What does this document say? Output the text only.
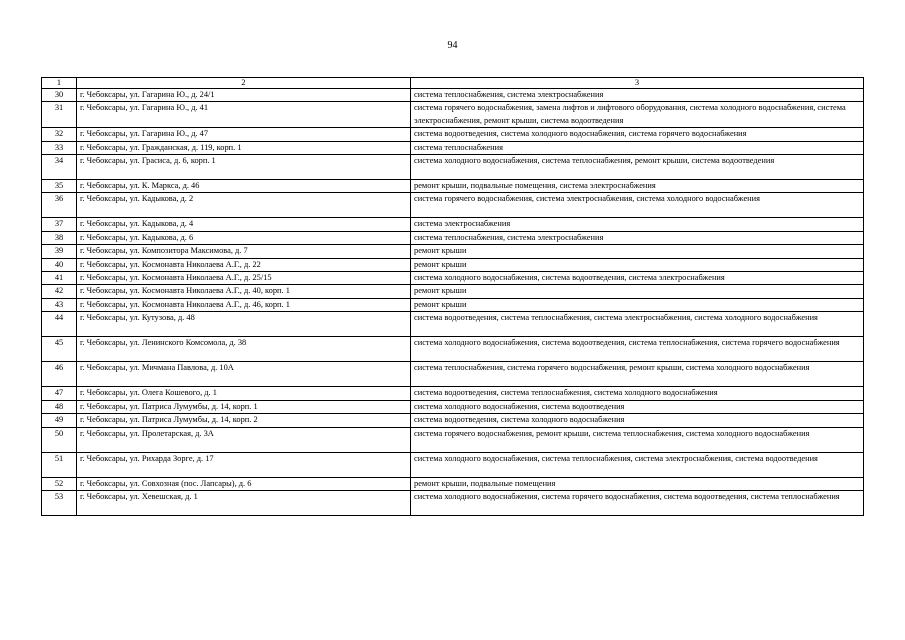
94
1	2	3
30	г. Чебоксары, ул. Гагарина Ю., д. 24/1	система теплоснабжения, система электроснабжения
31	г. Чебоксары, ул. Гагарина Ю., д. 41	система горячего водоснабжения, замена лифтов и лифтового оборудования, система холодного водоснабжения, система электроснабжения, ремонт крыши, система водоотведения
32	г. Чебоксары, ул. Гагарина Ю., д. 47	система водоотведения, система холодного водоснабжения, система горячего водоснабжения
33	г. Чебоксары, ул. Гражданская, д. 119, корп. 1	система теплоснабжения
34	г. Чебоксары, ул. Грасиса, д. 6, корп. 1	система холодного водоснабжения, система теплоснабжения, ремонт крыши, система водоотведения
35	г. Чебоксары, ул. К. Маркса, д. 46	ремонт крыши, подвальные помещения, система электроснабжения
36	г. Чебоксары, ул. Кадыкова, д. 2	система горячего водоснабжения, система электроснабжения, система холодного водоснабжения
37	г. Чебоксары, ул. Кадыкова, д. 4	система электроснабжения
38	г. Чебоксары, ул. Кадыкова, д. 6	система теплоснабжения, система электроснабжения
39	г. Чебоксары, ул. Композитора Максимова, д. 7	ремонт крыши
40	г. Чебоксары, ул. Космонавта Николаева А.Г., д. 22	ремонт крыши
41	г. Чебоксары, ул. Космонавта Николаева А.Г., д. 25/15	система холодного водоснабжения, система водоотведения, система электроснабжения
42	г. Чебоксары, ул. Космонавта Николаева А.Г., д. 40, корп. 1	ремонт крыши
43	г. Чебоксары, ул. Космонавта Николаева А.Г., д. 46, корп. 1	ремонт крыши
44	г. Чебоксары, ул. Кутузова, д. 48	система водоотведения, система теплоснабжения, система электроснабжения, система холодного водоснабжения
45	г. Чебоксары, ул. Ленинского Комсомола, д. 38	система холодного водоснабжения, система водоотведения, система теплоснабжения, система горячего водоснабжения
46	г. Чебоксары, ул. Мичмана Павлова, д. 10А	система теплоснабжения, система горячего водоснабжения, ремонт крыши, система холодного водоснабжения
47	г. Чебоксары, ул. Олега Кошевого, д. 1	система водоотведения, система теплоснабжения, система холодного водоснабжения
48	г. Чебоксары, ул. Патриса Лумумбы, д. 14, корп. 1	система холодного водоснабжения, система водоотведения
49	г. Чебоксары, ул. Патриса Лумумбы, д. 14, корп. 2	система водоотведения, система холодного водоснабжения
50	г. Чебоксары, ул. Пролетарская, д. 3А	система горячего водоснабжения, ремонт крыши, система теплоснабжения, система холодного водоснабжения
51	г. Чебоксары, ул. Рихарда Зорге, д. 17	система холодного водоснабжения, система теплоснабжения, система электроснабжения, система водоотведения
52	г. Чебоксары, ул. Совхозная (пос. Лапсары), д. 6	ремонт крыши, подвальные помещения
53	г. Чебоксары, ул. Хевешская, д. 1	система холодного водоснабжения, система горячего водоснабжения, система водоотведения, система теплоснабжения
